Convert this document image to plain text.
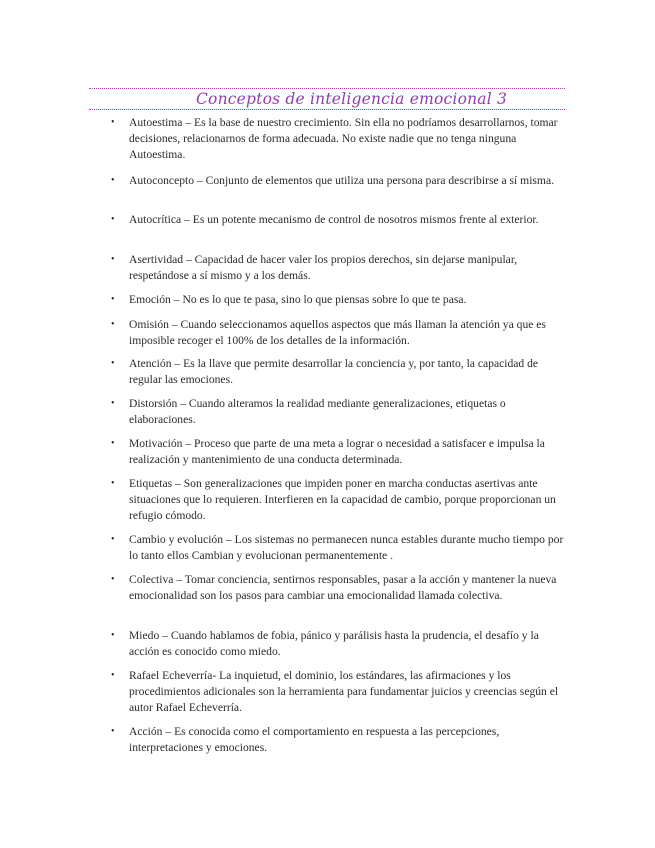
Conceptos de inteligencia emocional 3
• Autoestima – Es la base de nuestro crecimiento. Sin ella no podríamos desarrollarnos, tomar decisiones, relacionarnos de forma adecuada. No existe nadie que no tenga ninguna Autoestima.
• Autoconcepto – Conjunto de elementos que utiliza una persona para describirse a sí misma.
• Autocrítica – Es un potente mecanismo de control de nosotros mismos frente al exterior.
• Asertividad – Capacidad de hacer valer los propios derechos, sin dejarse manipular, respetándose a sí mismo y a los demás.
• Emoción – No es lo que te pasa, sino lo que piensas sobre lo que te pasa.
• Omisión – Cuando seleccionamos aquellos aspectos que más llaman la atención ya que es imposible recoger el 100% de los detalles de la información.
• Atención – Es la llave que permite desarrollar la conciencia y, por tanto, la capacidad de regular las emociones.
• Distorsión – Cuando alteramos la realidad mediante generalizaciones, etiquetas o elaboraciones.
• Motivación – Proceso que parte de una meta a lograr o necesidad a satisfacer e impulsa la realización y mantenimiento de una conducta determinada.
• Etiquetas – Son generalizaciones que impiden poner en marcha conductas asertivas ante situaciones que lo requieren. Interfieren en la capacidad de cambio, porque proporcionan un refugio cómodo.
• Cambio y evolución – Los sistemas no permanecen nunca estables durante mucho tiempo por lo tanto ellos Cambian y evolucionan permanentemente .
• Colectiva – Tomar conciencia, sentirnos responsables, pasar a la acción y mantener la nueva emocionalidad son los pasos para cambiar una emocionalidad llamada colectiva.
• Miedo – Cuando hablamos de fobia, pánico y parálisis hasta la prudencia, el desafío y la acción es conocido como miedo.
• Rafael Echeverría- La inquietud, el dominio, los estándares, las afirmaciones y los procedimientos adicionales son la herramienta para fundamentar juicios y creencias según el autor Rafael Echeverría.
• Acción – Es conocida como el comportamiento en respuesta a las percepciones, interpretaciones y emociones.
